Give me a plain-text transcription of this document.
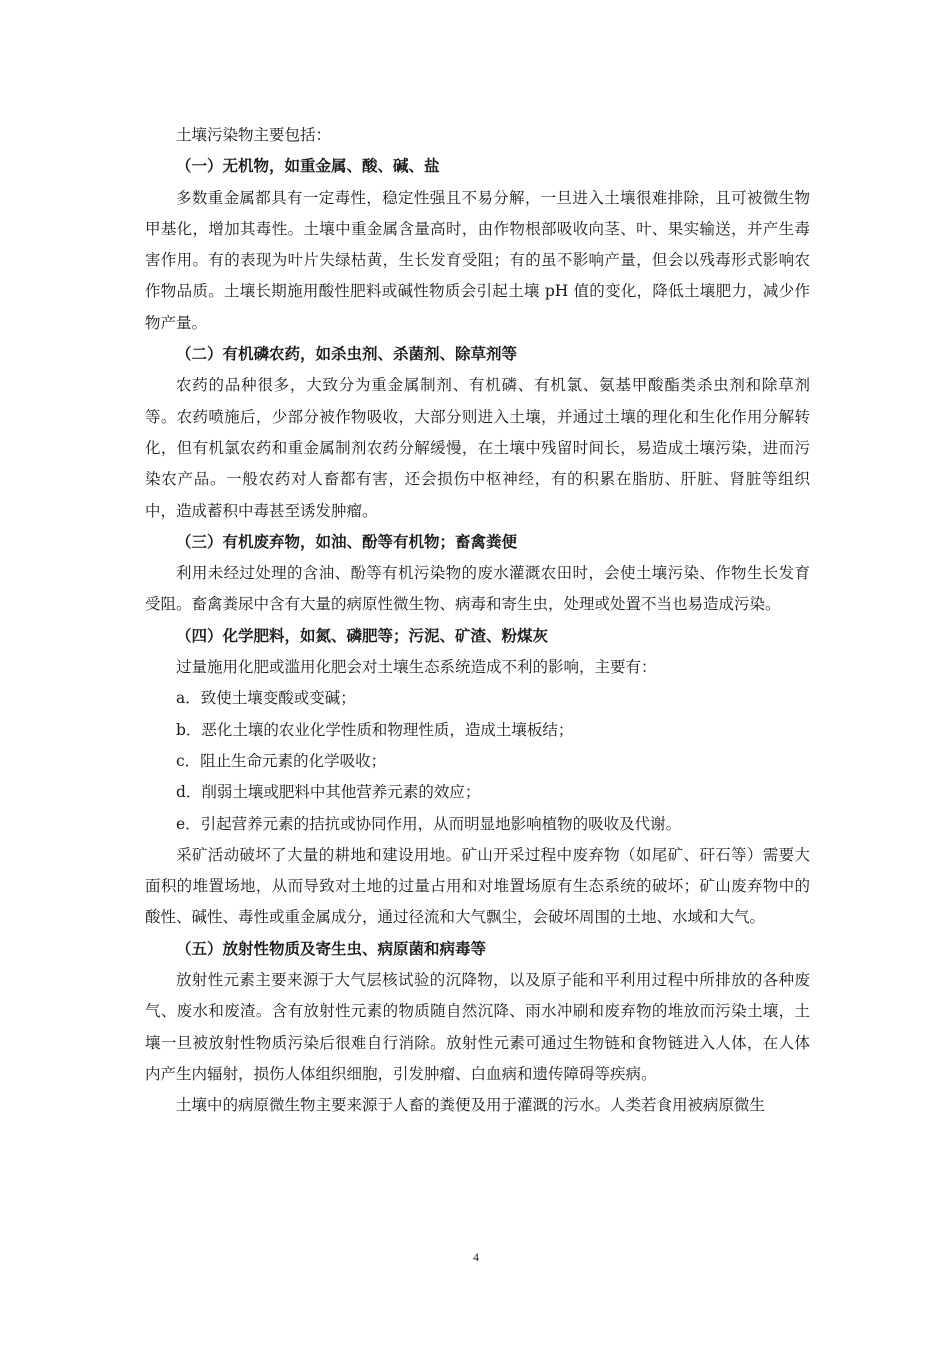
土壤污染物主要包括：

（一）无机物，如重金属、酸、碱、盐

多数重金属都具有一定毒性，稳定性强且不易分解，一旦进入土壤很难排除，且可被微生物甲基化，增加其毒性。土壤中重金属含量高时，由作物根部吸收向茎、叶、果实输送，并产生毒害作用。有的表现为叶片失绿枯黄，生长发育受阻；有的虽不影响产量，但会以残毒形式影响农作物品质。土壤长期施用酸性肥料或碱性物质会引起土壤 pH 值的变化，降低土壤肥力，减少作物产量。

（二）有机磷农药，如杀虫剂、杀菌剂、除草剂等

农药的品种很多，大致分为重金属制剂、有机磷、有机氯、氨基甲酸酯类杀虫剂和除草剂等。农药喷施后，少部分被作物吸收，大部分则进入土壤，并通过土壤的理化和生化作用分解转化，但有机氯农药和重金属制剂农药分解缓慢，在土壤中残留时间长，易造成土壤污染，进而污染农产品。一般农药对人畜都有害，还会损伤中枢神经，有的积累在脂肪、肝脏、肾脏等组织中，造成蓄积中毒甚至诱发肿瘤。

（三）有机废弃物，如油、酚等有机物；畜禽粪便

利用未经过处理的含油、酚等有机污染物的废水灌溉农田时，会使土壤污染、作物生长发育受阻。畜禽粪尿中含有大量的病原性微生物、病毒和寄生虫，处理或处置不当也易造成污染。

（四）化学肥料，如氮、磷肥等；污泥、矿渣、粉煤灰

过量施用化肥或滥用化肥会对土壤生态系统造成不利的影响，主要有：

a．致使土壤变酸或变碱；

b．恶化土壤的农业化学性质和物理性质，造成土壤板结；

c．阻止生命元素的化学吸收；

d．削弱土壤或肥料中其他营养元素的效应；

e．引起营养元素的拮抗或协同作用，从而明显地影响植物的吸收及代谢。

采矿活动破坏了大量的耕地和建设用地。矿山开采过程中废弃物（如尾矿、矸石等）需要大面积的堆置场地，从而导致对土地的过量占用和对堆置场原有生态系统的破坏；矿山废弃物中的酸性、碱性、毒性或重金属成分，通过径流和大气飘尘，会破坏周围的土地、水域和大气。

（五）放射性物质及寄生虫、病原菌和病毒等

放射性元素主要来源于大气层核试验的沉降物，以及原子能和平利用过程中所排放的各种废气、废水和废渣。含有放射性元素的物质随自然沉降、雨水冲刷和废弃物的堆放而污染土壤，土壤一旦被放射性物质污染后很难自行消除。放射性元素可通过生物链和食物链进入人体，在人体内产生内辐射，损伤人体组织细胞，引发肿瘤、白血病和遗传障碍等疾病。

土壤中的病原微生物主要来源于人畜的粪便及用于灌溉的污水。人类若食用被病原微生

4
